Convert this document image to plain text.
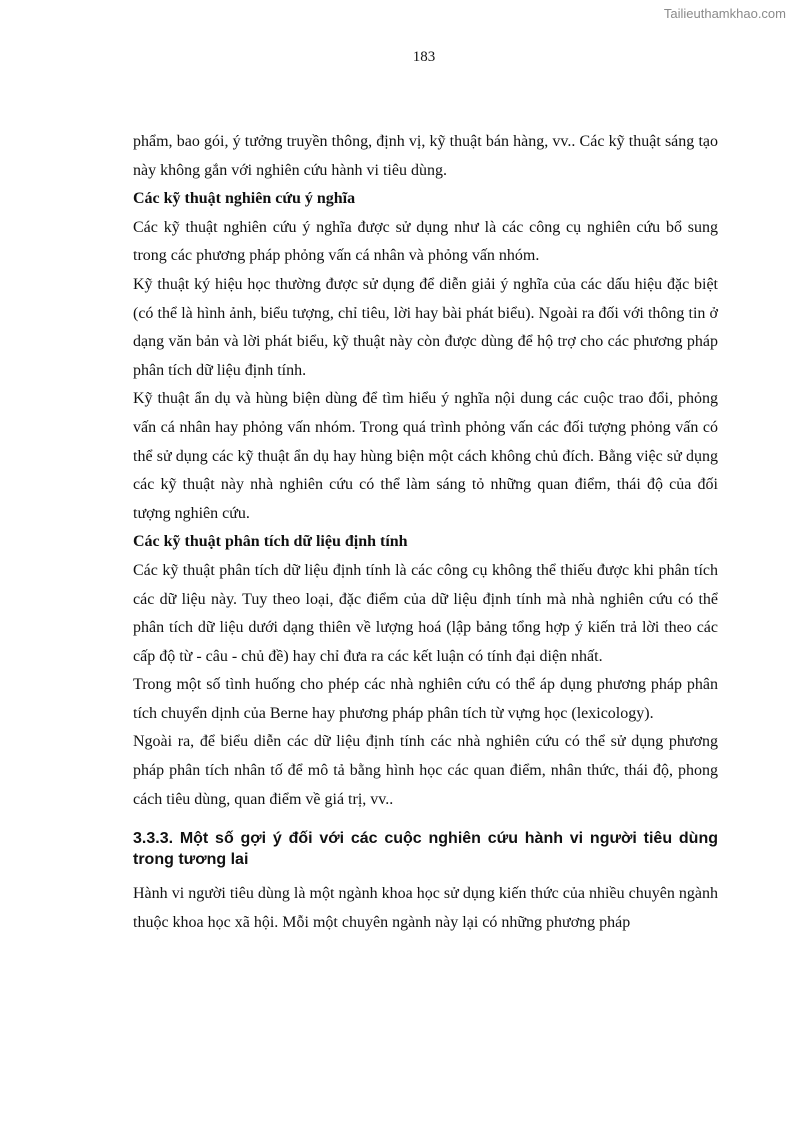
Tailieuthamkhao.com
183

phẩm, bao gói, ý tưởng truyền thông, định vị, kỹ thuật bán hàng, vv.. Các kỹ thuật sáng tạo này không gắn với nghiên cứu hành vi tiêu dùng.

Các kỹ thuật nghiên cứu ý nghĩa

Các kỹ thuật nghiên cứu ý nghĩa được sử dụng như là các công cụ nghiên cứu bổ sung trong các phương pháp phỏng vấn cá nhân và phỏng vấn nhóm.

Kỹ thuật ký hiệu học thường được sử dụng để diễn giải ý nghĩa của các dấu hiệu đặc biệt (có thể là hình ảnh, biểu tượng, chỉ tiêu, lời hay bài phát biểu). Ngoài ra đối với thông tin ở dạng văn bản và lời phát biểu, kỹ thuật này còn được dùng để hộ trợ cho các phương pháp phân tích dữ liệu định tính.

Kỹ thuật ẩn dụ và hùng biện dùng để tìm hiểu ý nghĩa nội dung các cuộc trao đổi, phỏng vấn cá nhân hay phỏng vấn nhóm. Trong quá trình phỏng vấn các đối tượng phỏng vấn có thể sử dụng các kỹ thuật ẩn dụ hay hùng biện một cách không chủ đích. Bằng việc sử dụng các kỹ thuật này nhà nghiên cứu có thể làm sáng tỏ những quan điểm, thái độ của đối tượng nghiên cứu.

Các kỹ thuật phân tích dữ liệu định tính

Các kỹ thuật phân tích dữ liệu định tính là các công cụ không thể thiếu được khi phân tích các dữ liệu này. Tuy theo loại, đặc điểm của dữ liệu định tính mà nhà nghiên cứu có thể phân tích dữ liệu dưới dạng thiên về lượng hoá (lập bảng tổng hợp ý kiến trả lời theo các cấp độ từ - câu - chủ đề) hay chỉ đưa ra các kết luận có tính đại diện nhất.

Trong một số tình huống cho phép các nhà nghiên cứu có thể áp dụng phương pháp phân tích chuyển dịnh của Berne hay phương pháp phân tích từ vựng học (lexicology).

Ngoài ra, để biểu diễn các dữ liệu định tính các nhà nghiên cứu có thể sử dụng phương pháp phân tích nhân tố để mô tả bằng hình học các quan điểm, nhân thức, thái độ, phong cách tiêu dùng, quan điểm về giá trị, vv..

3.3.3. Một số gợi ý đối với các cuộc nghiên cứu hành vi người tiêu dùng trong tương lai

Hành vi người tiêu dùng là một ngành khoa học sử dụng kiến thức của nhiều chuyên ngành thuộc khoa học xã hội. Mỗi một chuyên ngành này lại có những phương pháp
